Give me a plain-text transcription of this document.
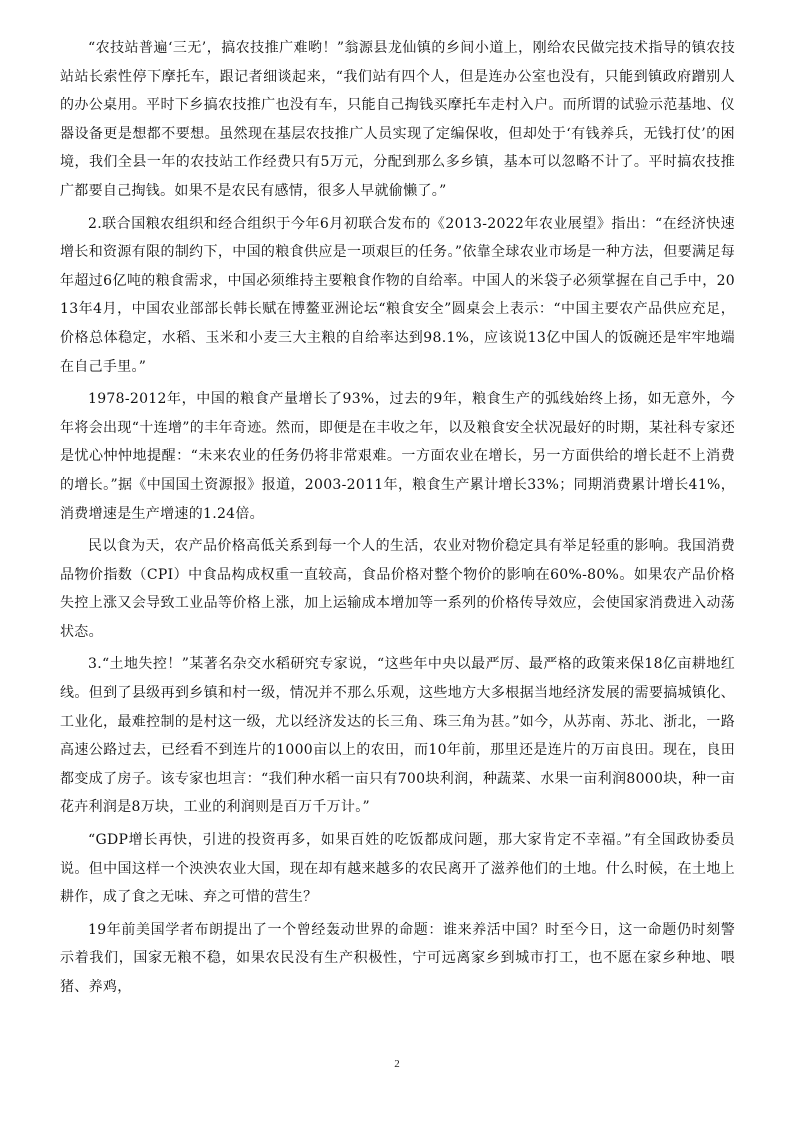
“农技站普遍‘三无’，搞农技推广难哟！”翁源县龙仙镇的乡间小道上，刚给农民做完技术指导的镇农技站站长索性停下摩托车，跟记者细谈起来，“我们站有四个人，但是连办公室也没有，只能到镇政府蹭别人的办公桌用。平时下乡搞农技推广也没有车，只能自己掏钱买摩托车走村入户。而所谓的试验示范基地、仪器设备更是想都不要想。虽然现在基层农技推广人员实现了定编保收，但却处于‘有钱养兵，无钱打仗’的困境，我们全县一年的农技站工作经费只有5万元，分配到那么多乡镇，基本可以忽略不计了。平时搞农技推广都要自己掏钱。如果不是农民有感情，很多人早就偷懒了。”

2.联合国粮农组织和经合组织于今年6月初联合发布的《2013-2022年农业展望》指出：“在经济快速增长和资源有限的制约下，中国的粮食供应是一项艰巨的任务。”依靠全球农业市场是一种方法，但要满足每年超过6亿吨的粮食需求，中国必须维持主要粮食作物的自给率。中国人的米袋子必须掌握在自己手中，2013年4月，中国农业部部长韩长赋在博鳌亚洲论坛“粮食安全”圆桌会上表示：“中国主要农产品供应充足，价格总体稳定，水稻、玉米和小麦三大主粮的自给率达到98.1%，应该说13亿中国人的饭碗还是牢牢地端在自己手里。”

1978-2012年，中国的粮食产量增长了93%，过去的9年，粮食生产的弧线始终上扬，如无意外，今年将会出现“十连增”的丰年奇迹。然而，即便是在丰收之年，以及粮食安全状况最好的时期，某社科专家还是忧心忡忡地提醒：“未来农业的任务仍将非常艰难。一方面农业在增长，另一方面供给的增长赶不上消费的增长。”据《中国国土资源报》报道，2003-2011年，粮食生产累计增长33%；同期消费累计增长41%，消费增速是生产增速的1.24倍。

民以食为天，农产品价格高低关系到每一个人的生活，农业对物价稳定具有举足轻重的影响。我国消费品物价指数（CPI）中食品构成权重一直较高，食品价格对整个物价的影响在60%-80%。如果农产品价格失控上涨又会导致工业品等价格上涨，加上运输成本增加等一系列的价格传导效应，会使国家消费进入动荡状态。

3.“土地失控！”某著名杂交水稻研究专家说，“这些年中央以最严厉、最严格的政策来保18亿亩耕地红线。但到了县级再到乡镇和村一级，情况并不那么乐观，这些地方大多根据当地经济发展的需要搞城镇化、工业化，最难控制的是村这一级，尤以经济发达的长三角、珠三角为甚。”如今，从苏南、苏北、浙北，一路高速公路过去，已经看不到连片的1000亩以上的农田，而10年前，那里还是连片的万亩良田。现在，良田都变成了房子。该专家也坦言：“我们种水稻一亩只有700块利润，种蔬菜、水果一亩利润8000块，种一亩花卉利润是8万块，工业的利润则是百万千万计。”

“GDP增长再快，引进的投资再多，如果百姓的吃饭都成问题，那大家肯定不幸福。”有全国政协委员说。但中国这样一个泱泱农业大国，现在却有越来越多的农民离开了滋养他们的土地。什么时候，在土地上耕作，成了食之无味、弃之可惜的营生？

19年前美国学者布朗提出了一个曾经轰动世界的命题：谁来养活中国？时至今日，这一命题仍时刻警示着我们，国家无粮不稳，如果农民没有生产积极性，宁可远离家乡到城市打工，也不愿在家乡种地、喂猪、养鸡，

2
